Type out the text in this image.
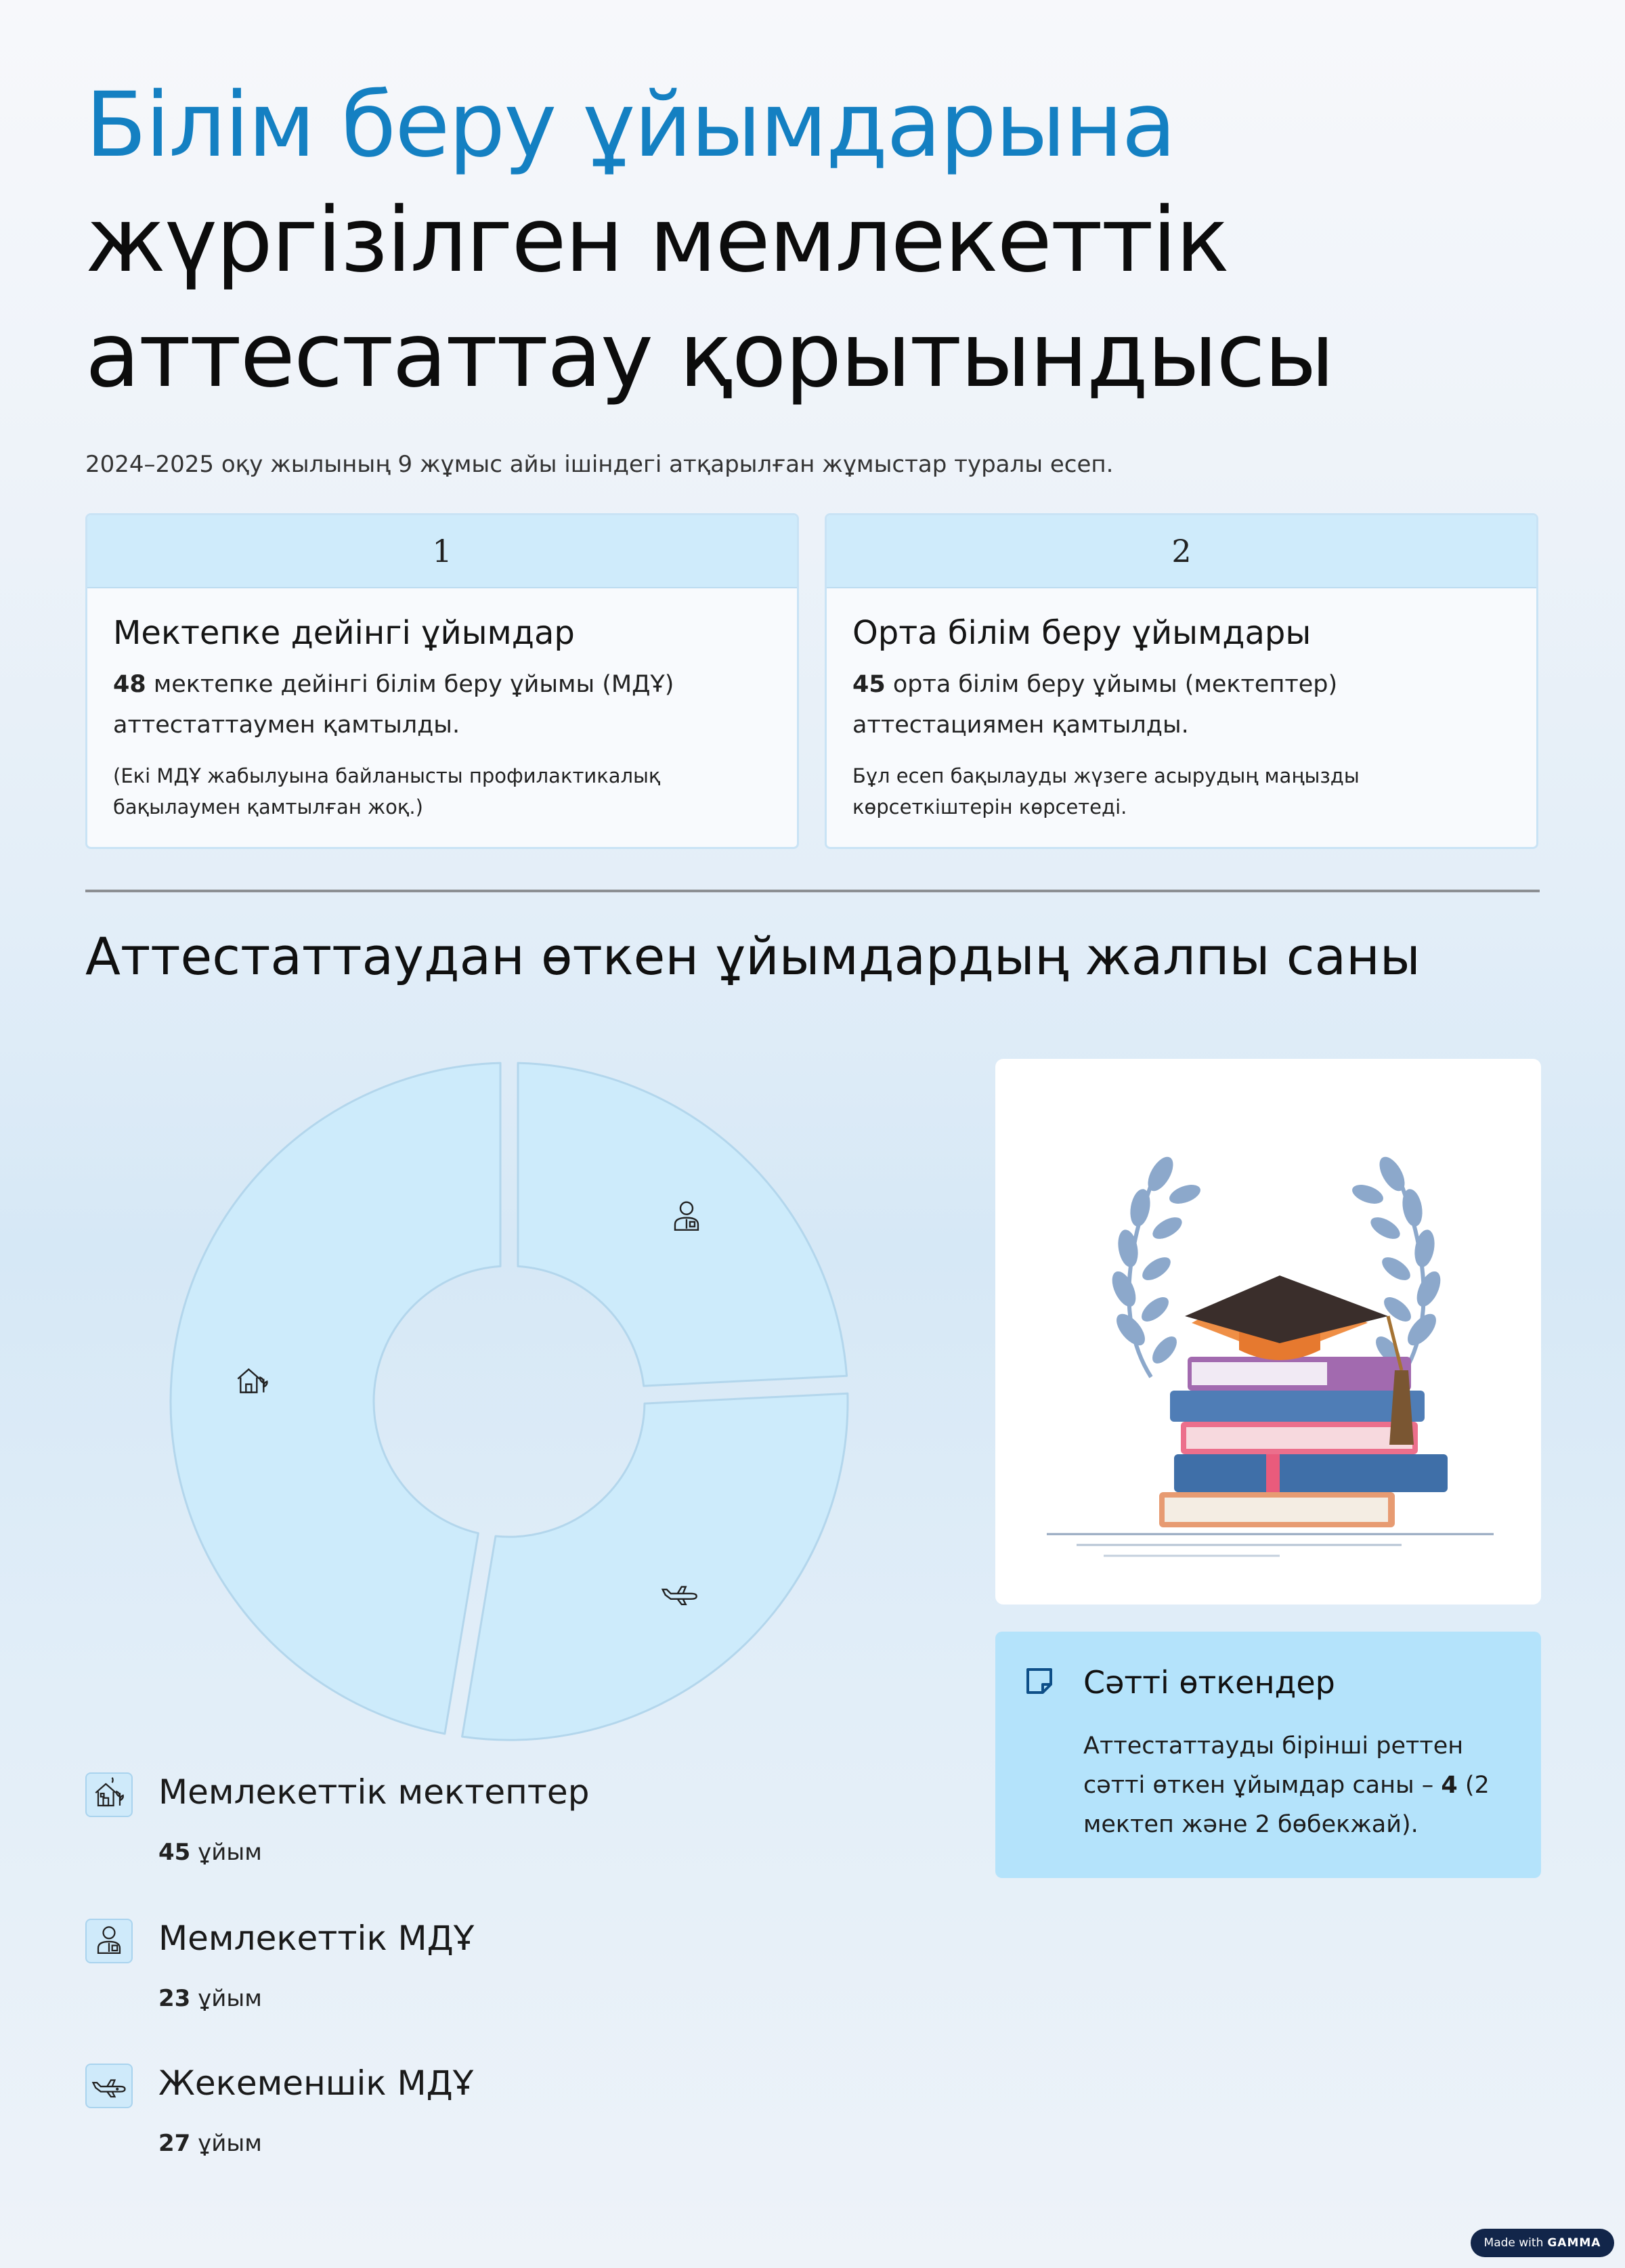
Білім беру ұйымдарына
жүргізілген мемлекеттік
аттестаттау қорытындысы

2024–2025 оқу жылының 9 жұмыс айы ішіндегі атқарылған жұмыстар туралы есеп.

1
Мектепке дейінгі ұйымдар
48 мектепке дейінгі білім беру ұйымы (МДҰ) аттестаттаумен қамтылды.
(Екі МДҰ жабылуына байланысты профилактикалық бақылаумен қамтылған жоқ.)
2
Орта білім беру ұйымдары
45 орта білім беру ұйымы (мектептер) аттестациямен қамтылды.
Бұл есеп бақылауды жүзеге асырудың маңызды көрсеткіштерін көрсетеді.
Аттестаттаудан өткен ұйымдардың жалпы саны
Сәтті өткендер
Аттестаттауды бірінші реттен сәтті өткен ұйымдар саны – 4 (2 мектеп және 2 бөбекжай).
Мемлекеттік мектептер
45 ұйым
Мемлекеттік МДҰ
23 ұйым
Жекеменшік МДҰ
27 ұйым
Made with GAMMA
